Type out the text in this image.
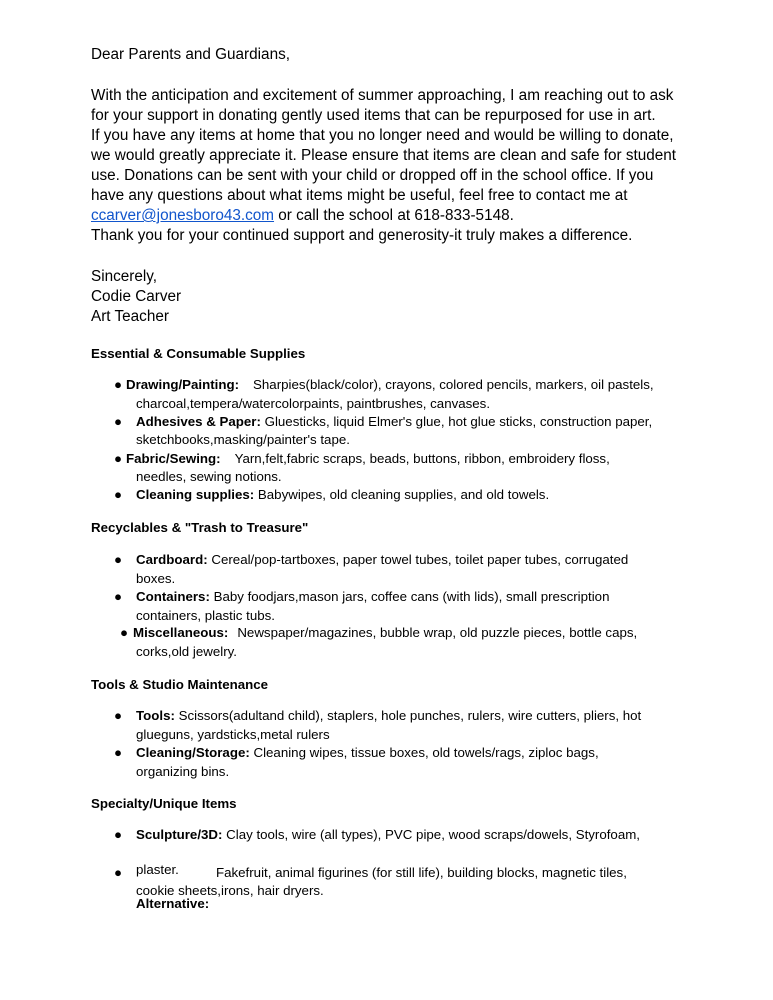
Dear Parents and Guardians,

With the anticipation and excitement of summer approaching, I am reaching out to ask

for your support in donating gently used items that can be repurposed for use in art.

If you have any items at home that you no longer need and would be willing to donate,

we would greatly appreciate it. Please ensure that items are clean and safe for student

use. Donations can be sent with your child or dropped off in the school office. If you

have any questions about what items might be useful, feel free to contact me at

ccarver@jonesboro43.com or call the school at 618-833-5148.

Thank you for your continued support and generosity-it truly makes a difference.

Sincerely,

Codie Carver

Art Teacher

Essential & Consumable Supplies

● Drawing/Painting: Sharpies(black/color), crayons, colored pencils, markers, oil pastels,

charcoal,tempera/watercolorpaints, paintbrushes, canvases.

● Adhesives & Paper: Gluesticks, liquid Elmer's glue, hot glue sticks, construction paper,

sketchbooks,masking/painter's tape.

● Fabric/Sewing: Yarn,felt,fabric scraps, beads, buttons, ribbon, embroidery floss,

needles, sewing notions.

● Cleaning supplies: Babywipes, old cleaning supplies, and old towels.

Recyclables & "Trash to Treasure"

● Cardboard: Cereal/pop-tartboxes, paper towel tubes, toilet paper tubes, corrugated

boxes.

● Containers: Baby foodjars,mason jars, coffee cans (with lids), small prescription

containers, plastic tubs.

● Miscellaneous: Newspaper/magazines, bubble wrap, old puzzle pieces, bottle caps,

corks,old jewelry.

Tools & Studio Maintenance

● Tools: Scissors(adultand child), staplers, hole punches, rulers, wire cutters, pliers, hot

glueguns, yardsticks,metal rulers

● Cleaning/Storage: Cleaning wipes, tissue boxes, old towels/rags, ziploc bags,

organizing bins.

Specialty/Unique Items

● Sculpture/3D: Clay tools, wire (all types), PVC pipe, wood scraps/dowels, Styrofoam,

● plaster.	Fakefruit, animal figurines (for still life), building blocks, magnetic tiles,

cookie sheets,irons, hair dryers.

Alternative:
